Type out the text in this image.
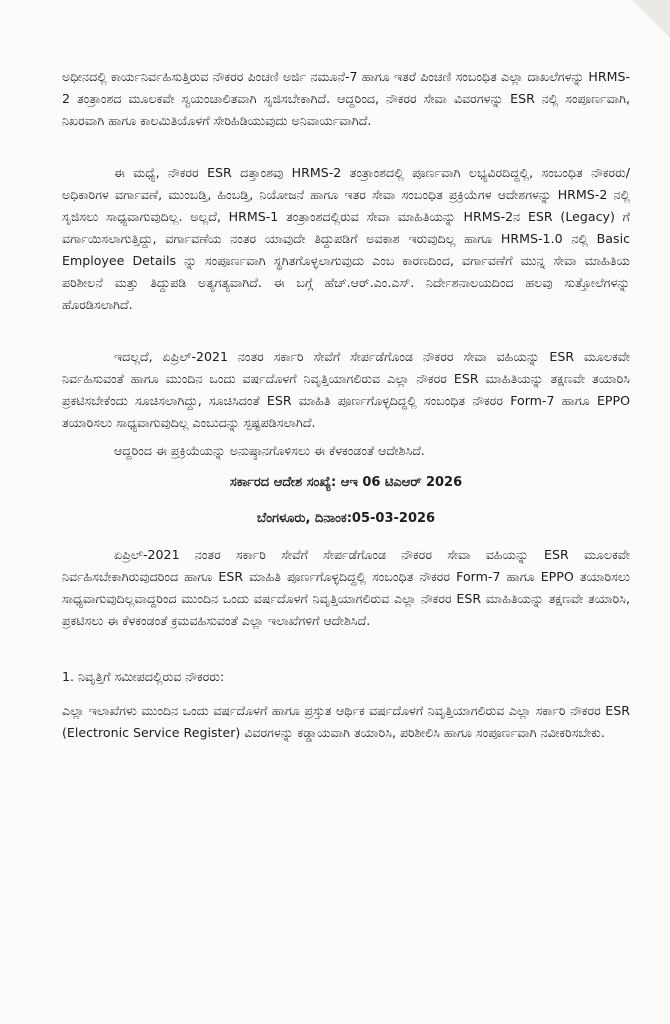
ಅಧೀನದಲ್ಲಿ ಕಾರ್ಯನಿರ್ವಹಿಸುತ್ತಿರುವ ನೌಕರರ ಪಿಂಚಣಿ ಅರ್ಜಿ ನಮೂನೆ-7 ಹಾಗೂ ಇತರೆ ಪಿಂಚಣಿ ಸಂಬಂಧಿತ ಎಲ್ಲಾ ದಾಖಲೆಗಳನ್ನು HRMS-2 ತಂತ್ರಾಂಶದ ಮೂಲಕವೇ ಸ್ವಯಂಚಾಲಿತವಾಗಿ ಸೃಜಿಸಬೇಕಾಗಿದೆ. ಆದ್ದರಿಂದ, ನೌಕರರ ಸೇವಾ ವಿವರಗಳನ್ನು ESR ನಲ್ಲಿ ಸಂಪೂರ್ಣವಾಗಿ, ನಿಖರವಾಗಿ ಹಾಗೂ ಕಾಲಮಿತಿಯೊಳಗೆ ಸೇರಿಹಿಡಿಯುವುದು ಅನಿವಾರ್ಯವಾಗಿದೆ.

ಈ ಮಧ್ಯೆ, ನೌಕರರ ESR ದತ್ತಾಂಶವು HRMS-2 ತಂತ್ರಾಂಶದಲ್ಲಿ ಪೂರ್ಣವಾಗಿ ಲಭ್ಯವಿರದಿದ್ದಲ್ಲಿ, ಸಂಬಂಧಿತ ನೌಕರರು/ಅಧಿಕಾರಿಗಳ ವರ್ಗಾವಣೆ, ಮುಂಬಡ್ತಿ, ಹಿಂಬಡ್ತಿ, ನಿಯೋಜನೆ ಹಾಗೂ ಇತರ ಸೇವಾ ಸಂಬಂಧಿತ ಪ್ರಕ್ರಿಯೆಗಳ ಆದೇಶಗಳನ್ನು HRMS-2 ನಲ್ಲಿ ಸೃಜಿಸಲು ಸಾಧ್ಯವಾಗುವುದಿಲ್ಲ. ಅಲ್ಲದೆ, HRMS-1 ತಂತ್ರಾಂಶದಲ್ಲಿರುವ ಸೇವಾ ಮಾಹಿತಿಯನ್ನು HRMS-2ನ ESR (Legacy) ಗೆ ವರ್ಗಾಯಿಸಲಾಗುತ್ತಿದ್ದು, ವರ್ಗಾವಣೆಯ ನಂತರ ಯಾವುದೇ ತಿದ್ದುಪಡಿಗೆ ಅವಕಾಶ ಇರುವುದಿಲ್ಲ ಹಾಗೂ HRMS-1.0 ನಲ್ಲಿ Basic Employee Details ನ್ನು ಸಂಪೂರ್ಣವಾಗಿ ಸ್ಥಗಿತಗೊಳ್ಳಲಾಗುವುದು ಎಂಬ ಕಾರಣದಿಂದ, ವರ್ಗಾವಣೆಗೆ ಮುನ್ನ ಸೇವಾ ಮಾಹಿತಿಯ ಪರಿಶೀಲನೆ ಮತ್ತು ತಿದ್ದುಪಡಿ ಅತ್ಯಗತ್ಯವಾಗಿದೆ. ಈ ಬಗ್ಗೆ ಹೆಚ್.ಆರ್.ಎಂ.ಎಸ್. ನಿರ್ದೇಶನಾಲಯದಿಂದ ಹಲವು ಸುತ್ತೋಲೆಗಳನ್ನು ಹೊರಡಿಸಲಾಗಿದೆ.

ಇದಲ್ಲದೆ, ಏಪ್ರಿಲ್-2021 ನಂತರ ಸರ್ಕಾರಿ ಸೇವೆಗೆ ಸೇರ್ಪಡೆಗೊಂಡ ನೌಕರರ ಸೇವಾ ವಹಿಯನ್ನು ESR ಮೂಲಕವೇ ನಿರ್ವಹಿಸುವಂತೆ ಹಾಗೂ ಮುಂದಿನ ಒಂದು ವರ್ಷದೊಳಗೆ ನಿವೃತ್ತಿಯಾಗಲಿರುವ ಎಲ್ಲಾ ನೌಕರರ ESR ಮಾಹಿತಿಯನ್ನು ತಕ್ಷಣವೇ ತಯಾರಿಸಿ ಪ್ರಕಟಿಸಬೇಕೆಂದು ಸೂಚಿಸಲಾಗಿದ್ದು, ಸೂಚಿಸಿದಂತೆ ESR ಮಾಹಿತಿ ಪೂರ್ಣಗೊಳ್ಳದಿದ್ದಲ್ಲಿ ಸಂಬಂಧಿತ ನೌಕರರ Form-7 ಹಾಗೂ EPPO ತಯಾರಿಸಲು ಸಾಧ್ಯವಾಗುವುದಿಲ್ಲ ಎಂಬುದನ್ನು ಸ್ಪಷ್ಟಪಡಿಸಲಾಗಿದೆ.

ಆದ್ದರಿಂದ ಈ ಪ್ರಕ್ರಿಯೆಯನ್ನು ಅನುಷ್ಠಾನಗೊಳಿಸಲು ಈ ಕೆಳಕಂಡಂತೆ ಆದೇಶಿಸಿದೆ.

ಸರ್ಕಾರದ ಆದೇಶ ಸಂಖ್ಯೆ: ಆಇ 06 ಟಿಎಆರ್ 2026
ಬೆಂಗಳೂರು, ದಿನಾಂಕ:05-03-2026

ಏಪ್ರಿಲ್-2021 ನಂತರ ಸರ್ಕಾರಿ ಸೇವೆಗೆ ಸೇರ್ಪಡೆಗೊಂಡ ನೌಕರರ ಸೇವಾ ವಹಿಯನ್ನು ESR ಮೂಲಕವೇ ನಿರ್ವಹಿಸಬೇಕಾಗಿರುವುದರಿಂದ ಹಾಗೂ ESR ಮಾಹಿತಿ ಪೂರ್ಣಗೊಳ್ಳದಿದ್ದಲ್ಲಿ ಸಂಬಂಧಿತ ನೌಕರರ Form-7 ಹಾಗೂ EPPO ತಯಾರಿಸಲು ಸಾಧ್ಯವಾಗುವುದಿಲ್ಲವಾದ್ದರಿಂದ ಮುಂದಿನ ಒಂದು ವರ್ಷದೊಳಗೆ ನಿವೃತ್ತಿಯಾಗಲಿರುವ ಎಲ್ಲಾ ನೌಕರರ ESR ಮಾಹಿತಿಯನ್ನು ತಕ್ಷಣವೇ ತಯಾರಿಸಿ, ಪ್ರಕಟಿಸಲು ಈ ಕೆಳಕಂಡಂತೆ ಕ್ರಮವಹಿಸುವಂತೆ ಎಲ್ಲಾ ಇಲಾಖೆಗಳಿಗೆ ಆದೇಶಿಸಿದೆ.

1. ನಿವೃತ್ತಿಗೆ ಸಮೀಪದಲ್ಲಿರುವ ನೌಕರರು:

ಎಲ್ಲಾ ಇಲಾಖೆಗಳು ಮುಂದಿನ ಒಂದು ವರ್ಷದೊಳಗೆ ಹಾಗೂ ಪ್ರಸ್ತುತ ಆರ್ಥಿಕ ವರ್ಷದೊಳಗೆ ನಿವೃತ್ತಿಯಾಗಲಿರುವ ಎಲ್ಲಾ ಸರ್ಕಾರಿ ನೌಕರರ ESR (Electronic Service Register) ವಿವರಗಳನ್ನು ಕಡ್ಡಾಯವಾಗಿ ತಯಾರಿಸಿ, ಪರಿಶೀಲಿಸಿ ಹಾಗೂ ಸಂಪೂರ್ಣವಾಗಿ ನವೀಕರಿಸಬೇಕು.
